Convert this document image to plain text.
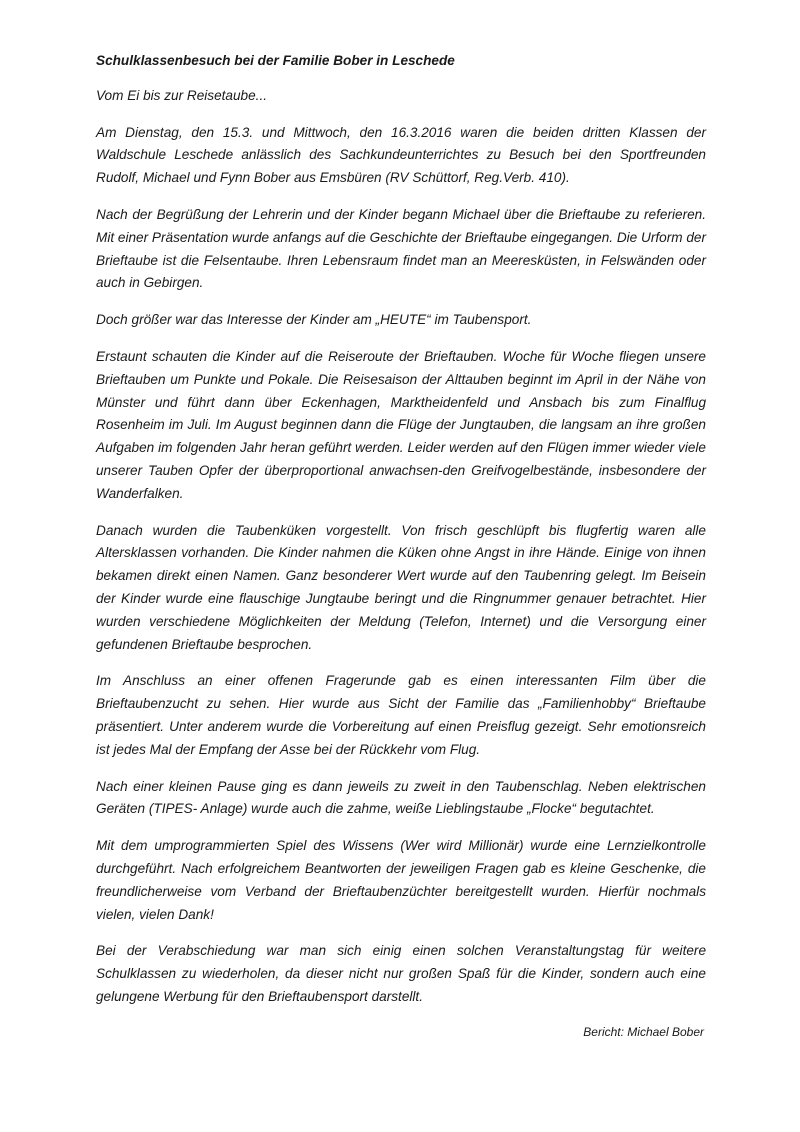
Schulklassenbesuch bei der Familie Bober in Leschede
Vom Ei bis zur Reisetaube...
Am Dienstag, den 15.3. und Mittwoch, den 16.3.2016 waren die beiden dritten Klassen der Waldschule Leschede anlässlich des Sachkundeunterrichtes zu Besuch bei den Sportfreunden Rudolf, Michael und Fynn Bober aus Emsbüren (RV Schüttorf, Reg.Verb. 410).
Nach der Begrüßung der Lehrerin und der Kinder begann Michael über die Brieftaube zu referieren. Mit einer Präsentation wurde anfangs auf die Geschichte der Brieftaube eingegangen. Die Urform der Brieftaube ist die Felsentaube. Ihren Lebensraum findet man an Meeresküsten, in Felswänden oder auch in Gebirgen.
Doch größer war das Interesse der Kinder am „HEUTE“ im Taubensport.
Erstaunt schauten die Kinder auf die Reiseroute der Brieftauben. Woche für Woche fliegen unsere Brieftauben um Punkte und Pokale. Die Reisesaison der Alttauben beginnt im April in der Nähe von Münster und führt dann über Eckenhagen, Marktheidenfeld und Ansbach bis zum Finalflug Rosenheim im Juli. Im August beginnen dann die Flüge der Jungtauben, die langsam an ihre großen Aufgaben im folgenden Jahr heran geführt werden. Leider werden auf den Flügen immer wieder viele unserer Tauben Opfer der überproportional anwachsen-den Greifvogelbestände, insbesondere der Wanderfalken.
Danach wurden die Taubenküken vorgestellt. Von frisch geschlüpft bis flugfertig waren alle Altersklassen vorhanden. Die Kinder nahmen die Küken ohne Angst in ihre Hände. Einige von ihnen bekamen direkt einen Namen. Ganz besonderer Wert wurde auf den Taubenring gelegt. Im Beisein der Kinder wurde eine flauschige Jungtaube beringt und die Ringnummer genauer betrachtet. Hier wurden verschiedene Möglichkeiten der Meldung (Telefon, Internet) und die Versorgung einer gefundenen Brieftaube besprochen.
Im Anschluss an einer offenen Fragerunde gab es einen interessanten Film über die Brieftaubenzucht zu sehen. Hier wurde aus Sicht der Familie das „Familienhobby“ Brieftaube präsentiert. Unter anderem wurde die Vorbereitung auf einen Preisflug gezeigt. Sehr emotionsreich ist jedes Mal der Empfang der Asse bei der Rückkehr vom Flug.
Nach einer kleinen Pause ging es dann jeweils zu zweit in den Taubenschlag. Neben elektrischen Geräten (TIPES- Anlage) wurde auch die zahme, weiße Lieblingstaube „Flocke“ begutachtet.
Mit dem umprogrammierten Spiel des Wissens (Wer wird Millionär) wurde eine Lernzielkontrolle durchgeführt. Nach erfolgreichem Beantworten der jeweiligen Fragen gab es kleine Geschenke, die freundlicherweise vom Verband der Brieftaubenzüchter bereitgestellt wurden. Hierfür nochmals vielen, vielen Dank!
Bei der Verabschiedung war man sich einig einen solchen Veranstaltungstag für weitere Schulklassen zu wiederholen, da dieser nicht nur großen Spaß für die Kinder, sondern auch eine gelungene Werbung für den Brieftaubensport darstellt.
Bericht: Michael Bober
